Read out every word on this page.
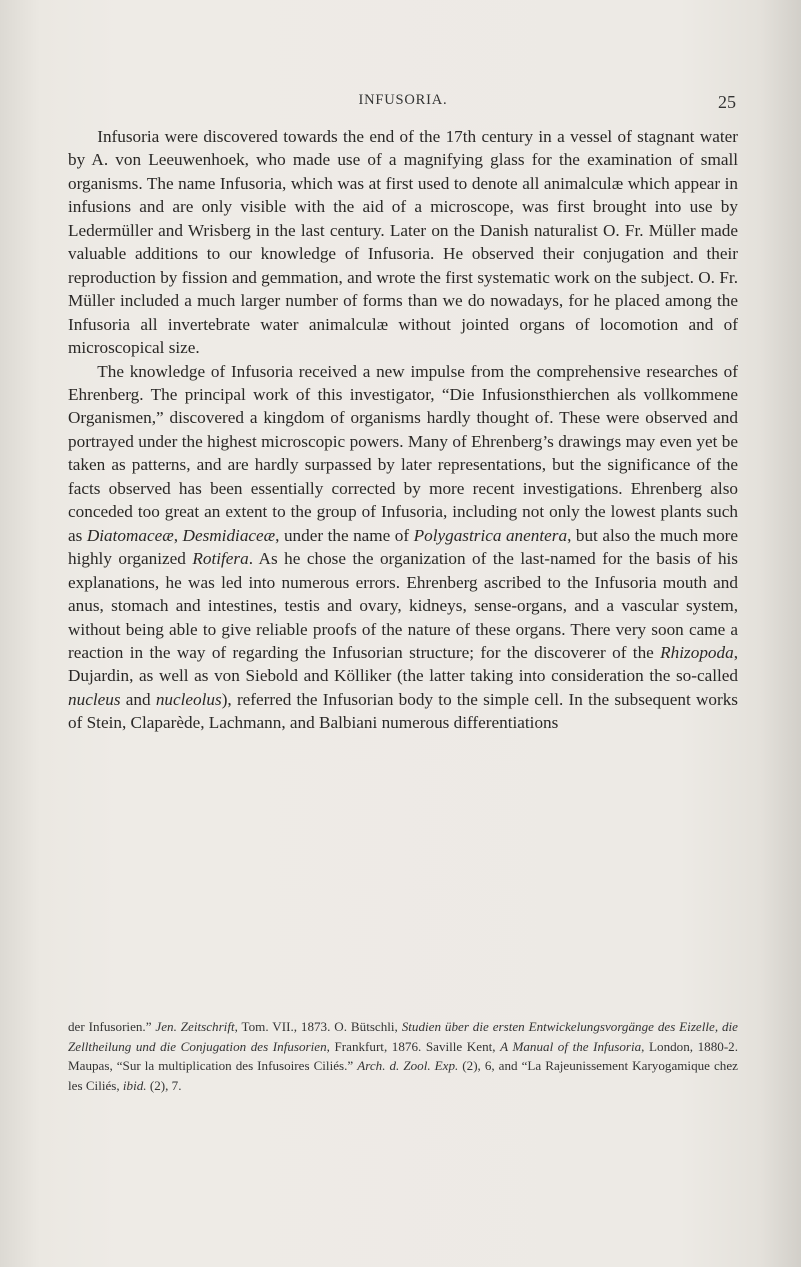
INFUSORIA.	25

Infusoria were discovered towards the end of the 17th century in a vessel of stagnant water by A. von Leeuwenhoek, who made use of a magnifying glass for the examination of small organisms. The name Infusoria, which was at first used to denote all animalculæ which appear in infusions and are only visible with the aid of a microscope, was first brought into use by Ledermüller and Wrisberg in the last century. Later on the Danish naturalist O. Fr. Müller made valuable additions to our knowledge of Infusoria. He observed their conjugation and their reproduction by fission and gemmation, and wrote the first systematic work on the subject. O. Fr. Müller included a much larger number of forms than we do nowadays, for he placed among the Infusoria all invertebrate water animalculæ without jointed organs of locomotion and of microscopical size.

The knowledge of Infusoria received a new impulse from the comprehensive researches of Ehrenberg. The principal work of this investigator, “Die Infusionsthierchen als vollkommene Organismen,” discovered a kingdom of organisms hardly thought of. These were observed and portrayed under the highest microscopic powers. Many of Ehrenberg’s drawings may even yet be taken as patterns, and are hardly surpassed by later representations, but the significance of the facts observed has been essentially corrected by more recent investigations. Ehrenberg also conceded too great an extent to the group of Infusoria, including not only the lowest plants such as Diatomaceæ, Desmidiaceæ, under the name of Polygastrica anentera, but also the much more highly organized Rotifera. As he chose the organization of the last-named for the basis of his explanations, he was led into numerous errors. Ehrenberg ascribed to the Infusoria mouth and anus, stomach and intestines, testis and ovary, kidneys, sense-organs, and a vascular system, without being able to give reliable proofs of the nature of these organs. There very soon came a reaction in the way of regarding the Infusorian structure; for the discoverer of the Rhizopoda, Dujardin, as well as von Siebold and Kölliker (the latter taking into consideration the so-called nucleus and nucleolus), referred the Infusorian body to the simple cell. In the subsequent works of Stein, Claparède, Lachmann, and Balbiani numerous differentiations

der Infusorien.” Jen. Zeitschrift, Tom. VII., 1873. O. Bütschli, Studien über die ersten Entwickelungsvorgänge des Eizelle, die Zelltheilung und die Conjugation des Infusorien, Frankfurt, 1876. Saville Kent, A Manual of the Infusoria, London, 1880-2. Maupas, “Sur la multiplication des Infusoires Ciliés.” Arch. d. Zool. Exp. (2), 6, and “La Rajeunissement Karyogamique chez les Ciliés, ibid. (2), 7.
